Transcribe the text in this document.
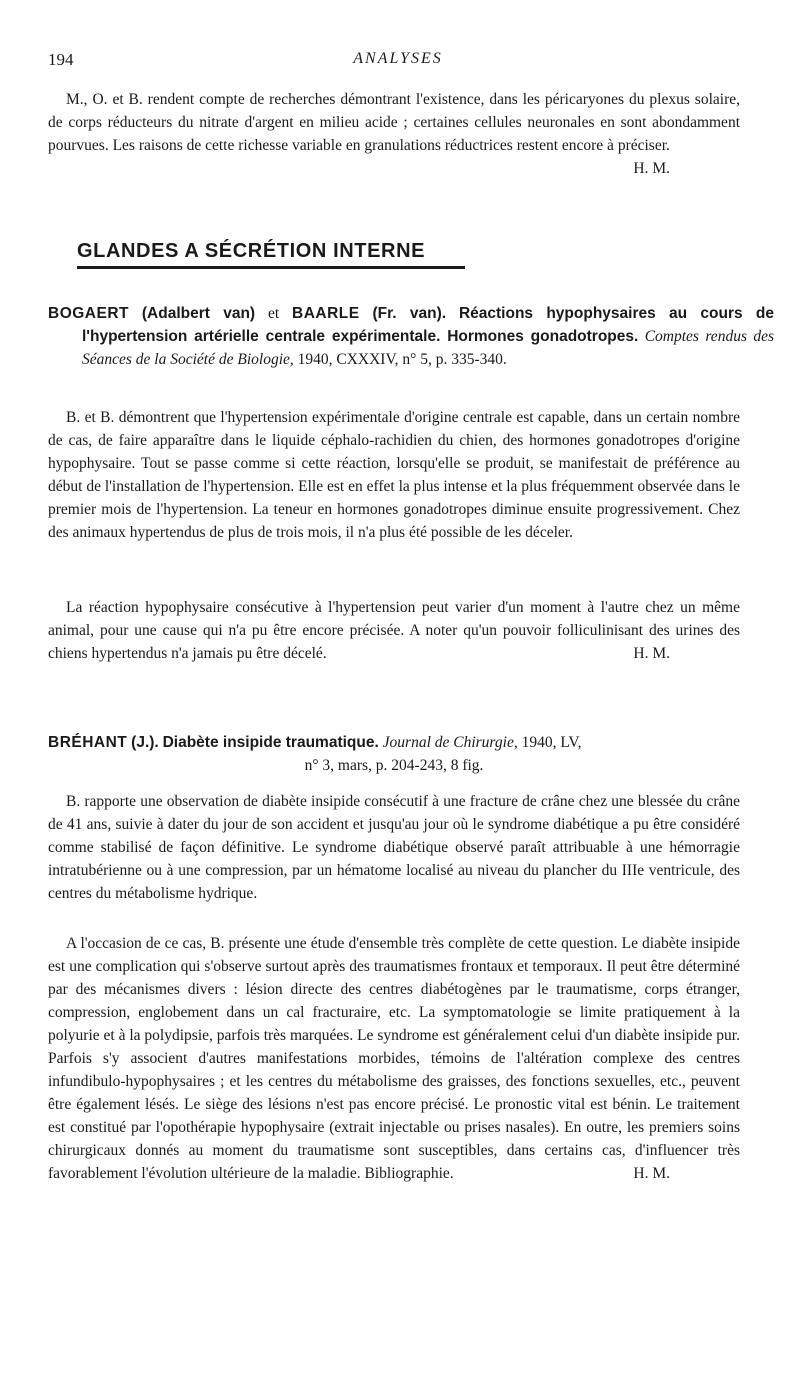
194	ANALYSES

M., O. et B. rendent compte de recherches démontrant l'existence, dans les péricaryones du plexus solaire, de corps réducteurs du nitrate d'argent en milieu acide ; certaines cellules neuronales en sont abondamment pourvues. Les raisons de cette richesse variable en granulations réductrices restent encore à préciser.
H. M.

GLANDES A SÉCRÉTION INTERNE

BOGAERT (Adalbert van) et BAARLE (Fr. van). Réactions hypophysaires au cours de l'hypertension artérielle centrale expérimentale. Hormones gonadotropes. Comptes rendus des Séances de la Société de Biologie, 1940, CXXXIV, n° 5, p. 335-340.

B. et B. démontrent que l'hypertension expérimentale d'origine centrale est capable, dans un certain nombre de cas, de faire apparaître dans le liquide céphalo-rachidien du chien, des hormones gonadotropes d'origine hypophysaire. Tout se passe comme si cette réaction, lorsqu'elle se produit, se manifestait de préférence au début de l'installation de l'hypertension. Elle est en effet la plus intense et la plus fréquemment observée dans le premier mois de l'hypertension. La teneur en hormones gonadotropes diminue ensuite progressivement. Chez des animaux hypertendus de plus de trois mois, il n'a plus été possible de les déceler.

La réaction hypophysaire consécutive à l'hypertension peut varier d'un moment à l'autre chez un même animal, pour une cause qui n'a pu être encore précisée. A noter qu'un pouvoir folliculinisant des urines des chiens hypertendus n'a jamais pu être décelé.	H. M.

BRÉHANT (J.). Diabète insipide traumatique. Journal de Chirurgie, 1940, LV,
n° 3, mars, p. 204-243, 8 fig.

B. rapporte une observation de diabète insipide consécutif à une fracture de crâne chez une blessée du crâne de 41 ans, suivie à dater du jour de son accident et jusqu'au jour où le syndrome diabétique a pu être considéré comme stabilisé de façon définitive. Le syndrome diabétique observé paraît attribuable à une hémorragie intratubérienne ou à une compression, par un hématome localisé au niveau du plancher du IIIe ventricule, des centres du métabolisme hydrique.

A l'occasion de ce cas, B. présente une étude d'ensemble très complète de cette question. Le diabète insipide est une complication qui s'observe surtout après des traumatismes frontaux et temporaux. Il peut être déterminé par des mécanismes divers : lésion directe des centres diabétogènes par le traumatisme, corps étranger, compression, englobement dans un cal fracturaire, etc. La symptomatologie se limite pratiquement à la polyurie et à la polydipsie, parfois très marquées. Le syndrome est généralement celui d'un diabète insipide pur. Parfois s'y associent d'autres manifestations morbides, témoins de l'altération complexe des centres infundibulo-hypophysaires ; et les centres du métabolisme des graisses, des fonctions sexuelles, etc., peuvent être également lésés. Le siège des lésions n'est pas encore précisé. Le pronostic vital est bénin. Le traitement est constitué par l'opothérapie hypophysaire (extrait injectable ou prises nasales). En outre, les premiers soins chirurgicaux donnés au moment du traumatisme sont susceptibles, dans certains cas, d'influencer très favorablement l'évolution ultérieure de la maladie. Bibliographie.	H. M.
